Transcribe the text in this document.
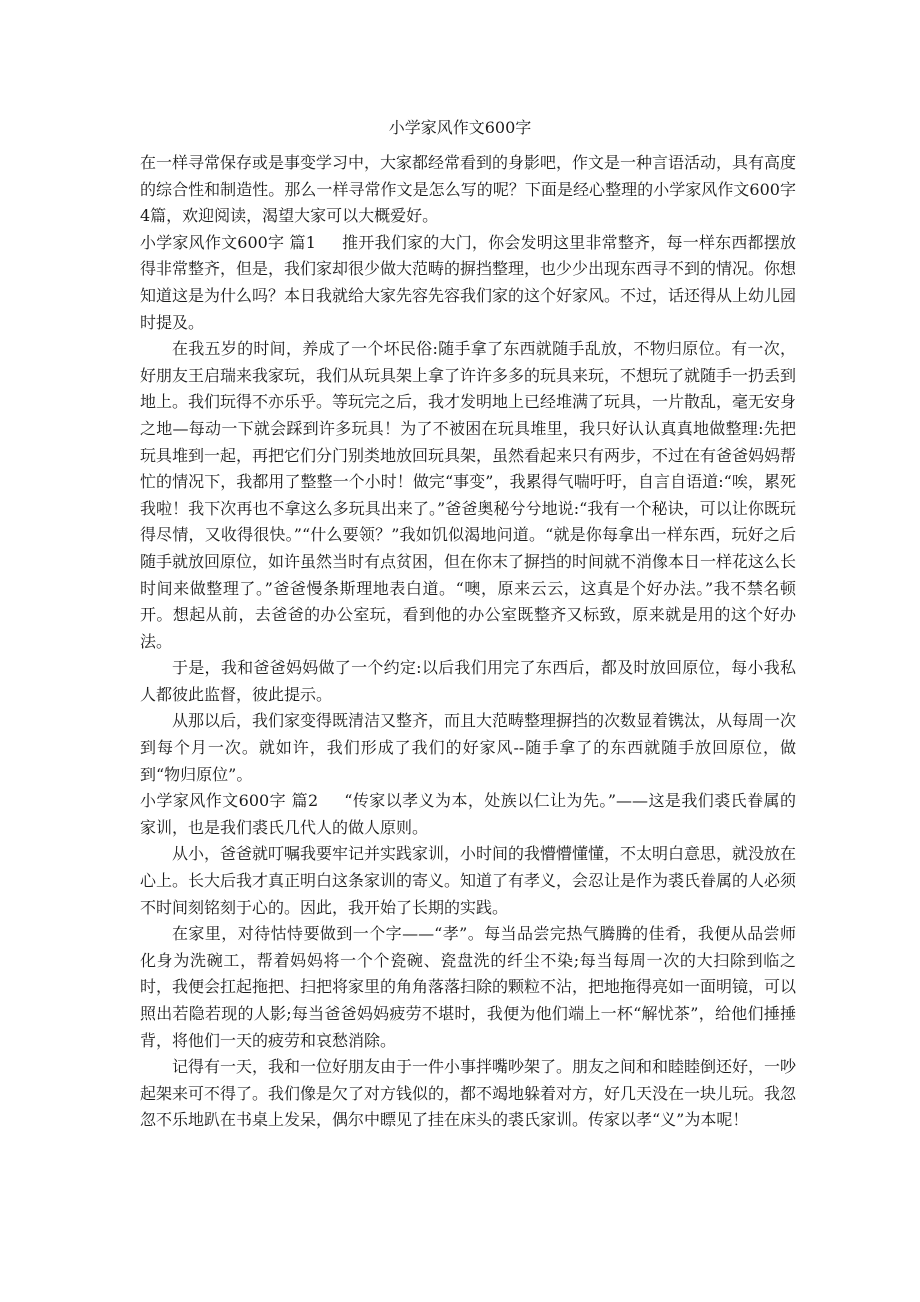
小学家风作文600字

在一样寻常保存或是事变学习中，大家都经常看到的身影吧，作文是一种言语活动，具有高度的综合性和制造性。那么一样寻常作文是怎么写的呢？下面是经心整理的小学家风作文600字4篇，欢迎阅读，渴望大家可以大概爱好。

小学家风作文600字 篇1 推开我们家的大门，你会发明这里非常整齐，每一样东西都摆放得非常整齐，但是，我们家却很少做大范畴的摒挡整理，也少少出现东西寻不到的情况。你想知道这是为什么吗？本日我就给大家先容先容我们家的这个好家风。不过，话还得从上幼儿园时提及。

在我五岁的时间，养成了一个坏民俗:随手拿了东西就随手乱放，不物归原位。有一次，好朋友王启瑞来我家玩，我们从玩具架上拿了许许多多的玩具来玩，不想玩了就随手一扔丢到地上。我们玩得不亦乐乎。等玩完之后，我才发明地上已经堆满了玩具，一片散乱，毫无安身之地—每动一下就会踩到许多玩具！为了不被困在玩具堆里，我只好认认真真地做整理:先把玩具堆到一起，再把它们分门别类地放回玩具架，虽然看起来只有两步，不过在有爸爸妈妈帮忙的情况下，我都用了整整一个小时！做完“事变”，我累得气喘吁吁，自言自语道:“唉，累死我啦！我下次再也不拿这么多玩具出来了。”爸爸奥秘兮兮地说:“我有一个秘诀，可以让你既玩得尽情，又收得很快。”“什么要领？”我如饥似渴地问道。“就是你每拿出一样东西，玩好之后随手就放回原位，如许虽然当时有点贫困，但在你末了摒挡的时间就不消像本日一样花这么长时间来做整理了。”爸爸慢条斯理地表白道。“噢，原来云云，这真是个好办法。”我不禁名顿开。想起从前，去爸爸的办公室玩，看到他的办公室既整齐又标致，原来就是用的这个好办法。

于是，我和爸爸妈妈做了一个约定:以后我们用完了东西后，都及时放回原位，每小我私人都彼此监督，彼此提示。

从那以后，我们家变得既清洁又整齐，而且大范畴整理摒挡的次数显着镌汰，从每周一次到每个月一次。就如许，我们形成了我们的好家风--随手拿了的东西就随手放回原位，做到“物归原位”。

小学家风作文600字 篇2 “传家以孝义为本，处族以仁让为先。”——这是我们裘氏眷属的家训，也是我们裘氏几代人的做人原则。

从小，爸爸就叮嘱我要牢记并实践家训，小时间的我懵懵懂懂，不太明白意思，就没放在心上。长大后我才真正明白这条家训的寄义。知道了有孝义，会忍让是作为裘氏眷属的人必须不时间刻铭刻于心的。因此，我开始了长期的实践。

在家里，对待怙恃要做到一个字——“孝”。每当品尝完热气腾腾的佳肴，我便从品尝师化身为洗碗工，帮着妈妈将一个个瓷碗、瓷盘洗的纤尘不染;每当每周一次的大扫除到临之时，我便会扛起拖把、扫把将家里的角角落落扫除的颗粒不沾，把地拖得亮如一面明镜，可以照出若隐若现的人影;每当爸爸妈妈疲劳不堪时，我便为他们端上一杯“解忧茶”，给他们捶捶背，将他们一天的疲劳和哀愁消除。

记得有一天，我和一位好朋友由于一件小事拌嘴吵架了。朋友之间和和睦睦倒还好，一吵起架来可不得了。我们像是欠了对方钱似的，都不竭地躲着对方，好几天没在一块儿玩。我忽忽不乐地趴在书桌上发呆，偶尔中瞟见了挂在床头的裘氏家训。传家以孝“义”为本呢！
